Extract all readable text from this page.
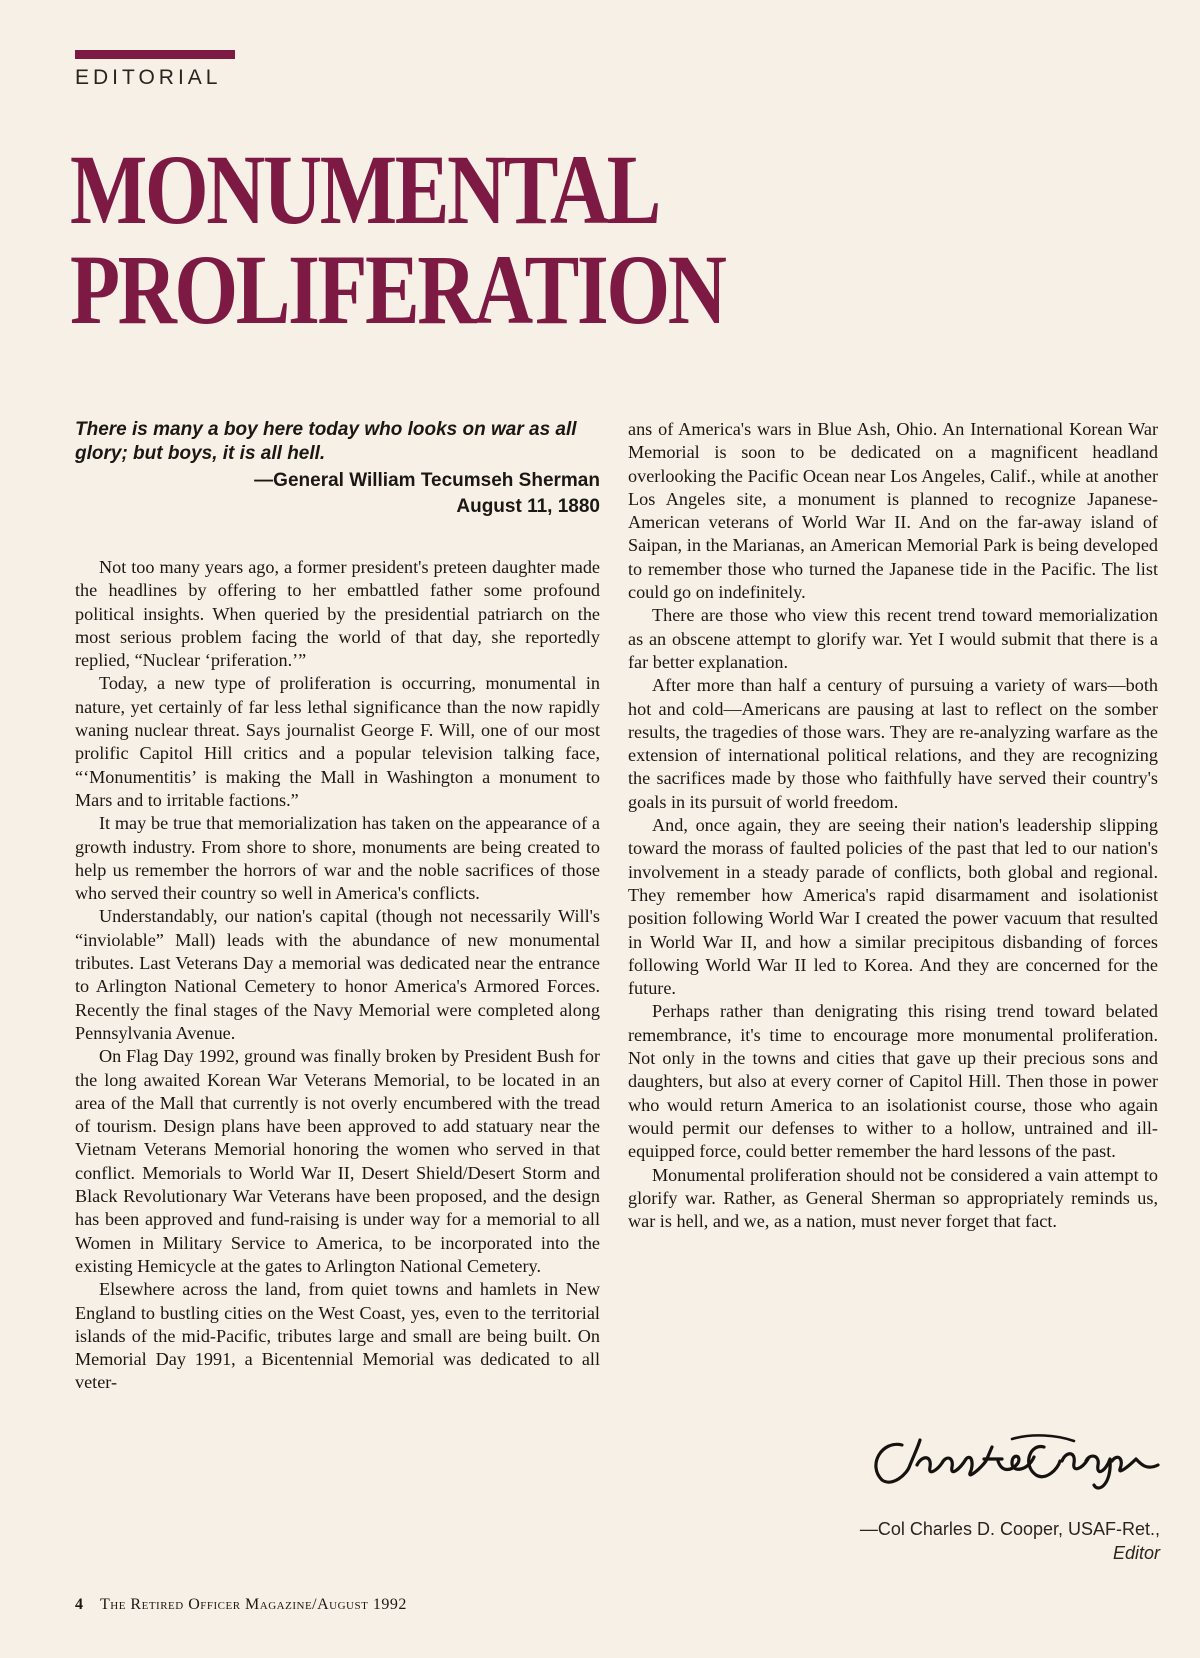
EDITORIAL
MONUMENTAL
PROLIFERATION

There is many a boy here today who looks on war as all glory; but boys, it is all hell.

—General William Tecumseh Sherman

August 11, 1880

Not too many years ago, a former president's preteen daughter made the headlines by offering to her embattled father some profound political insights. When queried by the presidential patriarch on the most serious problem facing the world of that day, she reportedly replied, “Nuclear ‘priferation.’”

Today, a new type of proliferation is occurring, monumental in nature, yet certainly of far less lethal significance than the now rapidly waning nuclear threat. Says journalist George F. Will, one of our most prolific Capitol Hill critics and a popular television talking face, “‘Monumentitis’ is making the Mall in Washington a monument to Mars and to irritable factions.”

It may be true that memorialization has taken on the appearance of a growth industry. From shore to shore, monuments are being created to help us remember the horrors of war and the noble sacrifices of those who served their country so well in America's conflicts.

Understandably, our nation's capital (though not necessarily Will's “inviolable” Mall) leads with the abundance of new monumental tributes. Last Veterans Day a memorial was dedicated near the entrance to Arlington National Cemetery to honor America's Armored Forces. Recently the final stages of the Navy Memorial were completed along Pennsylvania Avenue.

On Flag Day 1992, ground was finally broken by President Bush for the long awaited Korean War Veterans Memorial, to be located in an area of the Mall that currently is not overly encumbered with the tread of tourism. Design plans have been approved to add statuary near the Vietnam Veterans Memorial honoring the women who served in that conflict. Memorials to World War II, Desert Shield/Desert Storm and Black Revolutionary War Veterans have been proposed, and the design has been approved and fund-raising is under way for a memorial to all Women in Military Service to America, to be incorporated into the existing Hemicycle at the gates to Arlington National Cemetery.

Elsewhere across the land, from quiet towns and hamlets in New England to bustling cities on the West Coast, yes, even to the territorial islands of the mid-Pacific, tributes large and small are being built. On Memorial Day 1991, a Bicentennial Memorial was dedicated to all veter-

ans of America's wars in Blue Ash, Ohio. An International Korean War Memorial is soon to be dedicated on a magnificent headland overlooking the Pacific Ocean near Los Angeles, Calif., while at another Los Angeles site, a monument is planned to recognize Japanese-American veterans of World War II. And on the far-away island of Saipan, in the Marianas, an American Memorial Park is being developed to remember those who turned the Japanese tide in the Pacific. The list could go on indefinitely.

There are those who view this recent trend toward memorialization as an obscene attempt to glorify war. Yet I would submit that there is a far better explanation.

After more than half a century of pursuing a variety of wars—both hot and cold—Americans are pausing at last to reflect on the somber results, the tragedies of those wars. They are re-analyzing warfare as the extension of international political relations, and they are recognizing the sacrifices made by those who faithfully have served their country's goals in its pursuit of world freedom.

And, once again, they are seeing their nation's leadership slipping toward the morass of faulted policies of the past that led to our nation's involvement in a steady parade of conflicts, both global and regional. They remember how America's rapid disarmament and isolationist position following World War I created the power vacuum that resulted in World War II, and how a similar precipitous disbanding of forces following World War II led to Korea. And they are concerned for the future.

Perhaps rather than denigrating this rising trend toward belated remembrance, it's time to encourage more monumental proliferation. Not only in the towns and cities that gave up their precious sons and daughters, but also at every corner of Capitol Hill. Then those in power who would return America to an isolationist course, those who again would permit our defenses to wither to a hollow, untrained and ill-equipped force, could better remember the hard lessons of the past.

Monumental proliferation should not be considered a vain attempt to glorify war. Rather, as General Sherman so appropriately reminds us, war is hell, and we, as a nation, must never forget that fact.

—Col Charles D. Cooper, USAF-Ret.,
Editor
4 The Retired Officer Magazine/August 1992
